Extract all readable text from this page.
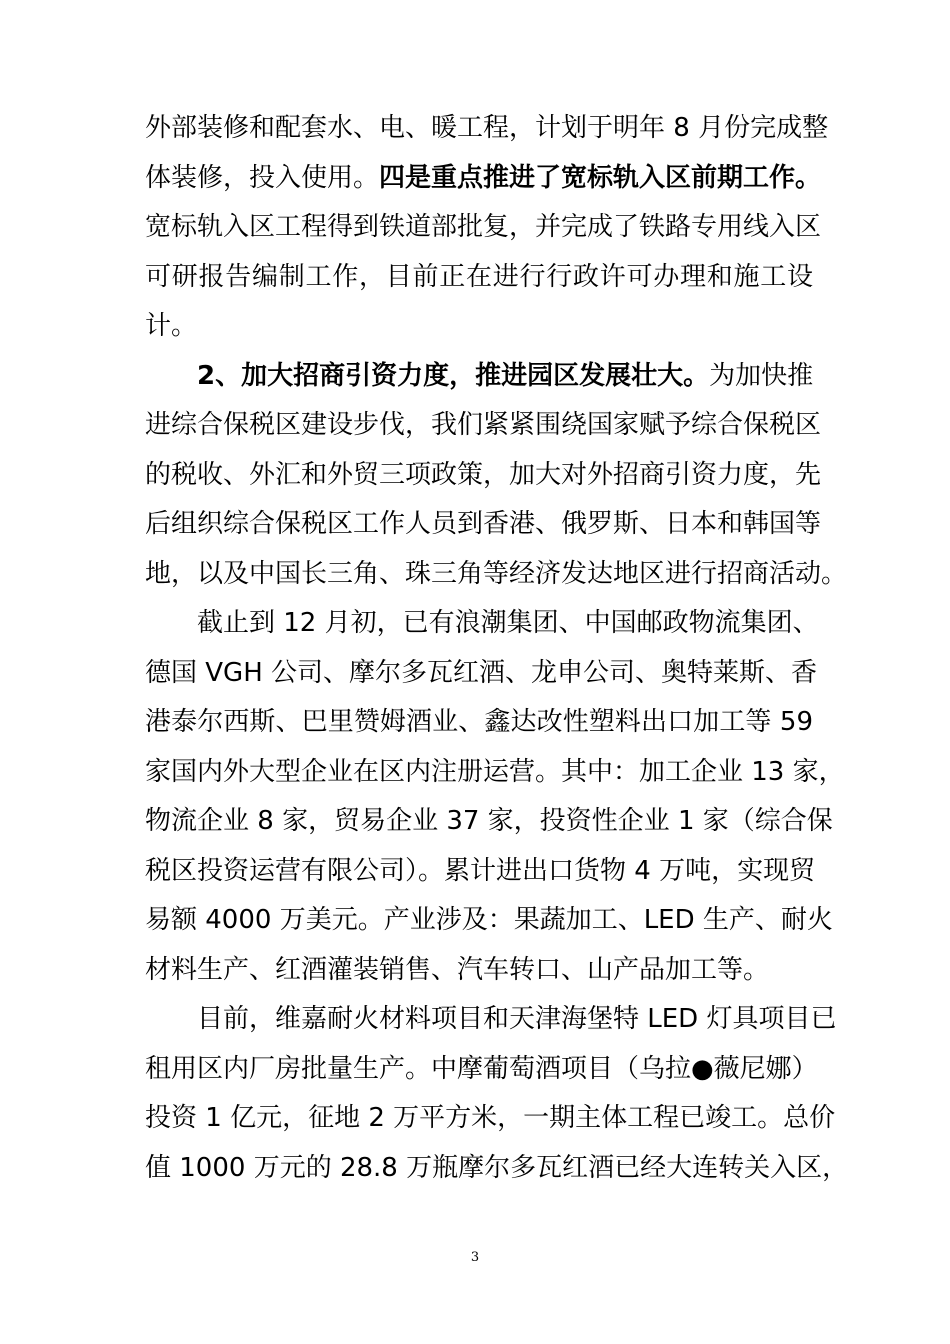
外部装修和配套水、电、暖工程，计划于明年 8 月份完成整
体装修，投入使用。四是重点推进了宽标轨入区前期工作。
宽标轨入区工程得到铁道部批复，并完成了铁路专用线入区
可研报告编制工作，目前正在进行行政许可办理和施工设
计。
2、加大招商引资力度，推进园区发展壮大。为加快推
进综合保税区建设步伐，我们紧紧围绕国家赋予综合保税区
的税收、外汇和外贸三项政策，加大对外招商引资力度，先
后组织综合保税区工作人员到香港、俄罗斯、日本和韩国等
地，以及中国长三角、珠三角等经济发达地区进行招商活动。
截止到 12 月初，已有浪潮集团、中国邮政物流集团、
德国 VGH 公司、摩尔多瓦红酒、龙申公司、奥特莱斯、香
港泰尔西斯、巴里赞姆酒业、鑫达改性塑料出口加工等 59
家国内外大型企业在区内注册运营。其中：加工企业 13 家，
物流企业 8 家，贸易企业 37 家，投资性企业 1 家（综合保
税区投资运营有限公司）。累计进出口货物 4 万吨，实现贸
易额 4000 万美元。产业涉及：果蔬加工、LED 生产、耐火
材料生产、红酒灌装销售、汽车转口、山产品加工等。
目前，维嘉耐火材料项目和天津海堡特 LED 灯具项目已
租用区内厂房批量生产。中摩葡萄酒项目（乌拉●薇尼娜）
投资 1 亿元，征地 2 万平方米，一期主体工程已竣工。总价
值 1000 万元的 28.8 万瓶摩尔多瓦红酒已经大连转关入区，
3
